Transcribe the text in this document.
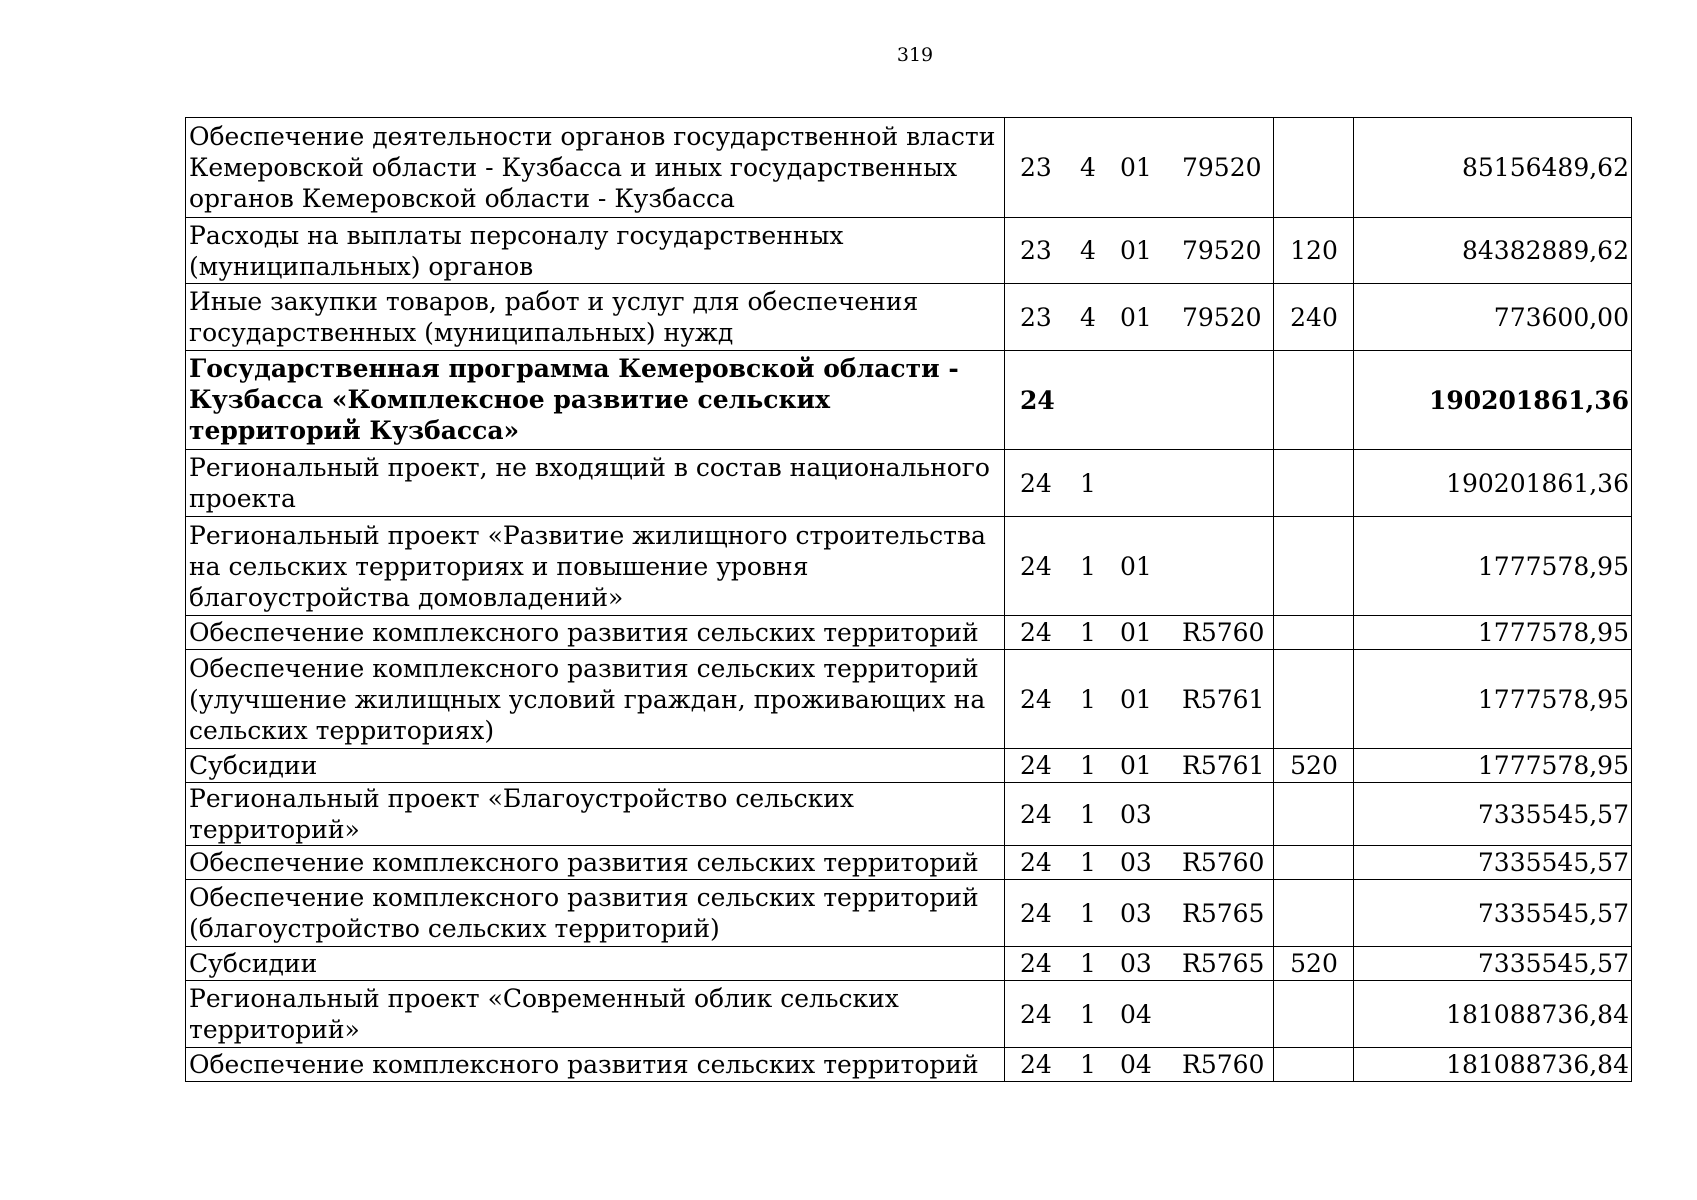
319
Обеспечение деятельности органов государственной власти Кемеровской области - Кузбасса и иных государственных органов Кемеровской области - Кузбасса	23 4 01 79520		85156489,62
Расходы на выплаты персоналу государственных (муниципальных) органов	23 4 01 79520	120	84382889,62
Иные закупки товаров, работ и услуг для обеспечения государственных (муниципальных) нужд	23 4 01 79520	240	773600,00
Государственная программа Кемеровской области - Кузбасса «Комплексное развитие сельских территорий Кузбасса»	24		190201861,36
Региональный проект, не входящий в состав национального проекта	24 1		190201861,36
Региональный проект «Развитие жилищного строительства на сельских территориях и повышение уровня благоустройства домовладений»	24 1 01		1777578,95
Обеспечение комплексного развития сельских территорий	24 1 01 R5760		1777578,95
Обеспечение комплексного развития сельских территорий (улучшение жилищных условий граждан, проживающих на сельских территориях)	24 1 01 R5761		1777578,95
Субсидии	24 1 01 R5761	520	1777578,95
Региональный проект «Благоустройство сельских территорий»	24 1 03		7335545,57
Обеспечение комплексного развития сельских территорий	24 1 03 R5760		7335545,57
Обеспечение комплексного развития сельских территорий (благоустройство сельских территорий)	24 1 03 R5765		7335545,57
Субсидии	24 1 03 R5765	520	7335545,57
Региональный проект «Современный облик сельских территорий»	24 1 04		181088736,84
Обеспечение комплексного развития сельских территорий	24 1 04 R5760		181088736,84
